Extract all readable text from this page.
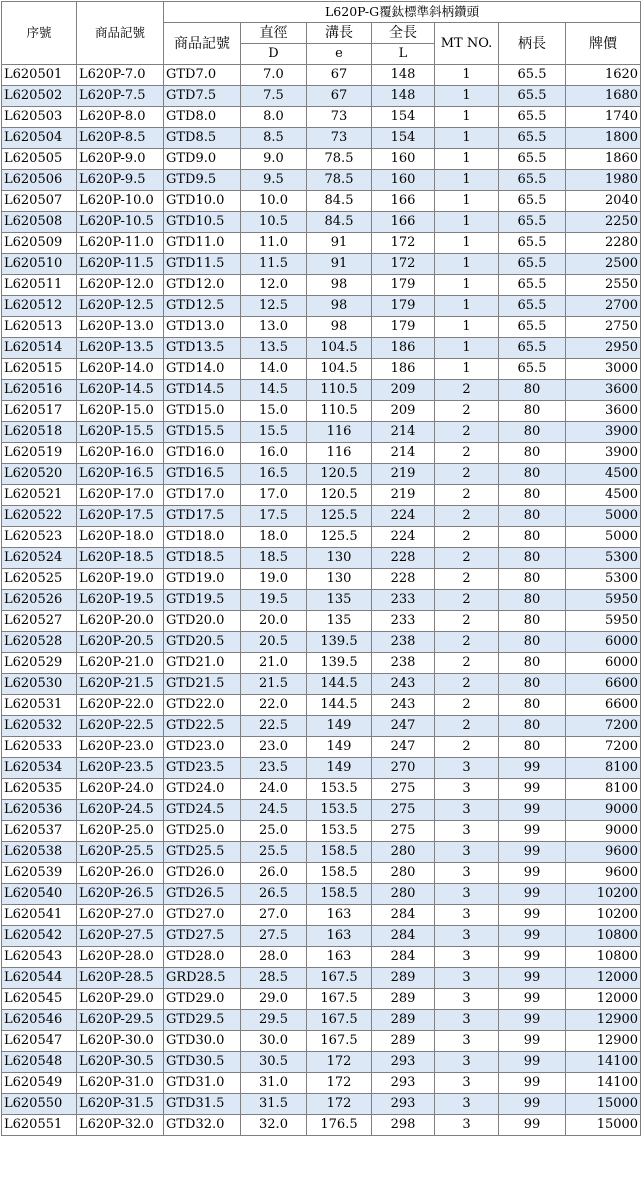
序號	商品記號	L620P-G覆鈦標準斜柄鑽頭						
		商品記號	直徑	溝長	全長	MT NO.	柄長	牌價
			D	e	L			
L620501	L620P-7.0	GTD7.0	7.0	67	148	1	65.5	1620
L620502	L620P-7.5	GTD7.5	7.5	67	148	1	65.5	1680
L620503	L620P-8.0	GTD8.0	8.0	73	154	1	65.5	1740
L620504	L620P-8.5	GTD8.5	8.5	73	154	1	65.5	1800
L620505	L620P-9.0	GTD9.0	9.0	78.5	160	1	65.5	1860
L620506	L620P-9.5	GTD9.5	9.5	78.5	160	1	65.5	1980
L620507	L620P-10.0	GTD10.0	10.0	84.5	166	1	65.5	2040
L620508	L620P-10.5	GTD10.5	10.5	84.5	166	1	65.5	2250
L620509	L620P-11.0	GTD11.0	11.0	91	172	1	65.5	2280
L620510	L620P-11.5	GTD11.5	11.5	91	172	1	65.5	2500
L620511	L620P-12.0	GTD12.0	12.0	98	179	1	65.5	2550
L620512	L620P-12.5	GTD12.5	12.5	98	179	1	65.5	2700
L620513	L620P-13.0	GTD13.0	13.0	98	179	1	65.5	2750
L620514	L620P-13.5	GTD13.5	13.5	104.5	186	1	65.5	2950
L620515	L620P-14.0	GTD14.0	14.0	104.5	186	1	65.5	3000
L620516	L620P-14.5	GTD14.5	14.5	110.5	209	2	80	3600
L620517	L620P-15.0	GTD15.0	15.0	110.5	209	2	80	3600
L620518	L620P-15.5	GTD15.5	15.5	116	214	2	80	3900
L620519	L620P-16.0	GTD16.0	16.0	116	214	2	80	3900
L620520	L620P-16.5	GTD16.5	16.5	120.5	219	2	80	4500
L620521	L620P-17.0	GTD17.0	17.0	120.5	219	2	80	4500
L620522	L620P-17.5	GTD17.5	17.5	125.5	224	2	80	5000
L620523	L620P-18.0	GTD18.0	18.0	125.5	224	2	80	5000
L620524	L620P-18.5	GTD18.5	18.5	130	228	2	80	5300
L620525	L620P-19.0	GTD19.0	19.0	130	228	2	80	5300
L620526	L620P-19.5	GTD19.5	19.5	135	233	2	80	5950
L620527	L620P-20.0	GTD20.0	20.0	135	233	2	80	5950
L620528	L620P-20.5	GTD20.5	20.5	139.5	238	2	80	6000
L620529	L620P-21.0	GTD21.0	21.0	139.5	238	2	80	6000
L620530	L620P-21.5	GTD21.5	21.5	144.5	243	2	80	6600
L620531	L620P-22.0	GTD22.0	22.0	144.5	243	2	80	6600
L620532	L620P-22.5	GTD22.5	22.5	149	247	2	80	7200
L620533	L620P-23.0	GTD23.0	23.0	149	247	2	80	7200
L620534	L620P-23.5	GTD23.5	23.5	149	270	3	99	8100
L620535	L620P-24.0	GTD24.0	24.0	153.5	275	3	99	8100
L620536	L620P-24.5	GTD24.5	24.5	153.5	275	3	99	9000
L620537	L620P-25.0	GTD25.0	25.0	153.5	275	3	99	9000
L620538	L620P-25.5	GTD25.5	25.5	158.5	280	3	99	9600
L620539	L620P-26.0	GTD26.0	26.0	158.5	280	3	99	9600
L620540	L620P-26.5	GTD26.5	26.5	158.5	280	3	99	10200
L620541	L620P-27.0	GTD27.0	27.0	163	284	3	99	10200
L620542	L620P-27.5	GTD27.5	27.5	163	284	3	99	10800
L620543	L620P-28.0	GTD28.0	28.0	163	284	3	99	10800
L620544	L620P-28.5	GRD28.5	28.5	167.5	289	3	99	12000
L620545	L620P-29.0	GTD29.0	29.0	167.5	289	3	99	12000
L620546	L620P-29.5	GTD29.5	29.5	167.5	289	3	99	12900
L620547	L620P-30.0	GTD30.0	30.0	167.5	289	3	99	12900
L620548	L620P-30.5	GTD30.5	30.5	172	293	3	99	14100
L620549	L620P-31.0	GTD31.0	31.0	172	293	3	99	14100
L620550	L620P-31.5	GTD31.5	31.5	172	293	3	99	15000
L620551	L620P-32.0	GTD32.0	32.0	176.5	298	3	99	15000
